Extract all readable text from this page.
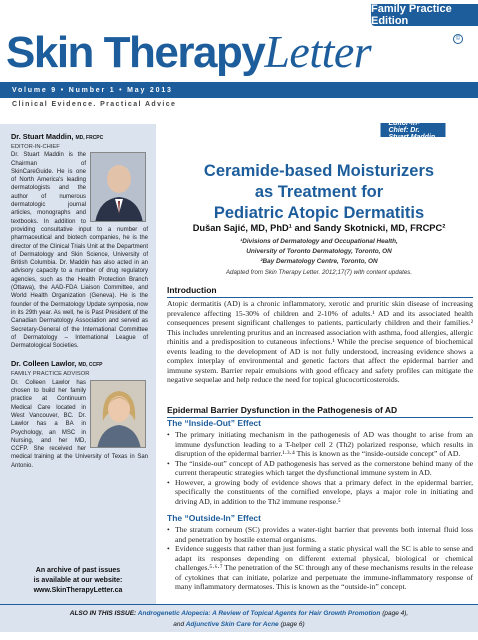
Family Practice Edition
Skin TherapyLetter	©
Volume 9 • Number 1 • May 2013
Clinical Evidence. Practical Advice
Editor-in-Chief: Dr. Stuart Maddin
Dr. Stuart Maddin, MD, FRCPC
EDITOR-IN-CHIEF
Dr. Stuart Maddin is the Chairman of SkinCareGuide. He is one of North America's leading dermatologists and the author of numerous dermatologic journal articles, monographs and textbooks. In addition to providing consultative input to a number of pharmaceutical and biotech companies, he is the director of the Clinical Trials Unit at the Department of Dermatology and Skin Science, University of British Columbia. Dr. Maddin has also acted in an advisory capacity to a number of drug regulatory agencies, such as the Health Protection Branch (Ottawa), the AAD-FDA Liaison Committee, and World Health Organization (Geneva). He is the founder of the Dermatology Update symposia, now in its 29th year. As well, he is Past President of the Canadian Dermatology Association and served as Secretary-General of the International Committee of Dermatology – International League of Dermatological Societies.
Dr. Colleen Lawlor, MD, CCFP
FAMILY PRACTICE ADVISOR
Dr. Colleen Lawlor has chosen to build her family practice at Continuum Medical Care located in West Vancouver, BC. Dr. Lawlor has a BA in Psychology, an MSC in Nursing, and her MD, CCFP. She received her medical training at the University of Texas in San Antonio.
An archive of past issues
is available at our website:
www.SkinTherapyLetter.ca
Ceramide-based Moisturizers
as Treatment for
Pediatric Atopic Dermatitis
Dušan Sajić, MD, PhD¹ and Sandy Skotnicki, MD, FRCPC²
¹Divisions of Dermatology and Occupational Health,
University of Toronto Dermatology, Toronto, ON
²Bay Dermatology Centre, Toronto, ON
Adapted from Skin Therapy Letter. 2012;17(7) with content updates.
Introduction
Atopic dermatitis (AD) is a chronic inflammatory, xerotic and pruritic skin disease of increasing prevalence affecting 15-30% of children and 2-10% of adults.¹ AD and its associated health consequences present significant challenges to patients, particularly children and their families.² This includes unrelenting pruritus and an increased association with asthma, food allergies, allergic rhinitis and a predisposition to cutaneous infections.¹ While the precise sequence of biochemical events leading to the development of AD is not fully understood, increasing evidence shows a complex interplay of environmental and genetic factors that affect the epidermal barrier and immune system. Barrier repair emulsions with good efficacy and safety profiles can mitigate the negative sequelae and help reduce the need for topical glucocorticosteroids.
Epidermal Barrier Dysfunction in the Pathogenesis of AD
The “Inside-Out” Effect
• The primary initiating mechanism in the pathogenesis of AD was thought to arise from an immune dysfunction leading to a T-helper cell 2 (Th2) polarized response, which results in disruption of the epidermal barrier.¹·³·⁴ This is known as the “inside-outside concept” of AD.
• The “inside-out” concept of AD pathogenesis has served as the cornerstone behind many of the current therapeutic strategies which target the dysfunctional immune system in AD.
• However, a growing body of evidence shows that a primary defect in the epidermal barrier, specifically the constituents of the cornified envelope, plays a major role in initiating and driving AD, in addition to the Th2 immune response.⁵
The “Outside-In” Effect
• The stratum corneum (SC) provides a water-tight barrier that prevents both internal fluid loss and penetration by hostile external organisms.
• Evidence suggests that rather than just forming a static physical wall the SC is able to sense and adapt its responses depending on different external physical, biological or chemical challenges.⁵·⁶·⁷ The penetration of the SC through any of these mechanisms results in the release of cytokines that can initiate, polarize and perpetuate the immune-inflammatory response of many inflammatory dermatoses. This is known as the “outside-in” concept.
ALSO IN THIS ISSUE: Androgenetic Alopecia: A Review of Topical Agents for Hair Growth Promotion (page 4),
and Adjunctive Skin Care for Acne (page 6)
